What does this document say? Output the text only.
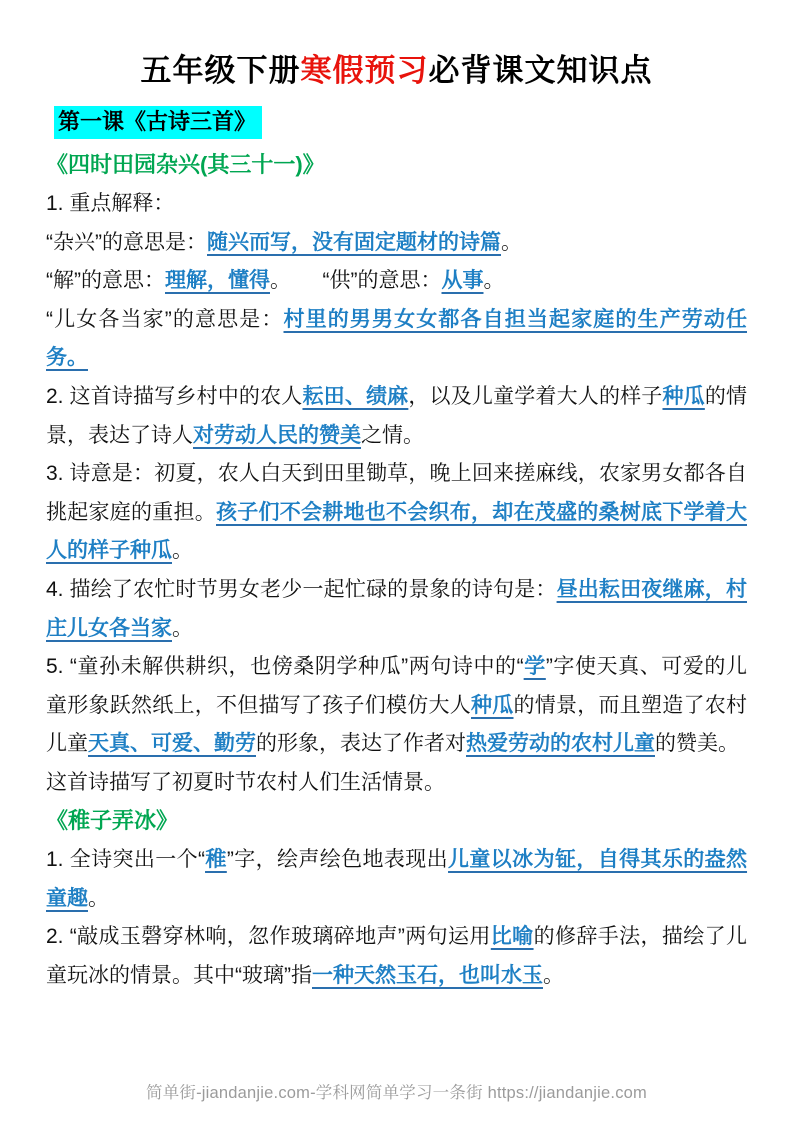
五年级下册寒假预习必背课文知识点
第一课《古诗三首》
《四时田园杂兴(其三十一)》

1. 重点解释：

“杂兴”的意思是：随兴而写，没有固定题材的诗篇。

“解”的意思：理解，懂得。　　“供”的意思：从事。

“儿女各当家”的意思是：村里的男男女女都各自担当起家庭的生产劳动任务。

2. 这首诗描写乡村中的农人耘田、绩麻，以及儿童学着大人的样子种瓜的情景，表达了诗人对劳动人民的赞美之情。

3. 诗意是：初夏，农人白天到田里锄草，晚上回来搓麻线，农家男女都各自挑起家庭的重担。孩子们不会耕地也不会织布，却在茂盛的桑树底下学着大人的样子种瓜。

4. 描绘了农忙时节男女老少一起忙碌的景象的诗句是：昼出耘田夜继麻，村庄儿女各当家。

5. “童孙未解供耕织，也傍桑阴学种瓜”两句诗中的“学”字使天真、可爱的儿童形象跃然纸上，不但描写了孩子们模仿大人种瓜的情景，而且塑造了农村儿童天真、可爱、勤劳的形象，表达了作者对热爱劳动的农村儿童的赞美。

这首诗描写了初夏时节农村人们生活情景。

《稚子弄冰》

1. 全诗突出一个“稚”字，绘声绘色地表现出儿童以冰为钲，自得其乐的盎然童趣。

2. “敲成玉磬穿林响，忽作玻璃碎地声”两句运用比喻的修辞手法，描绘了儿童玩冰的情景。其中“玻璃”指一种天然玉石，也叫水玉。

简单街-jiandanjie.com-学科网简单学习一条街 https://jiandanjie.com
